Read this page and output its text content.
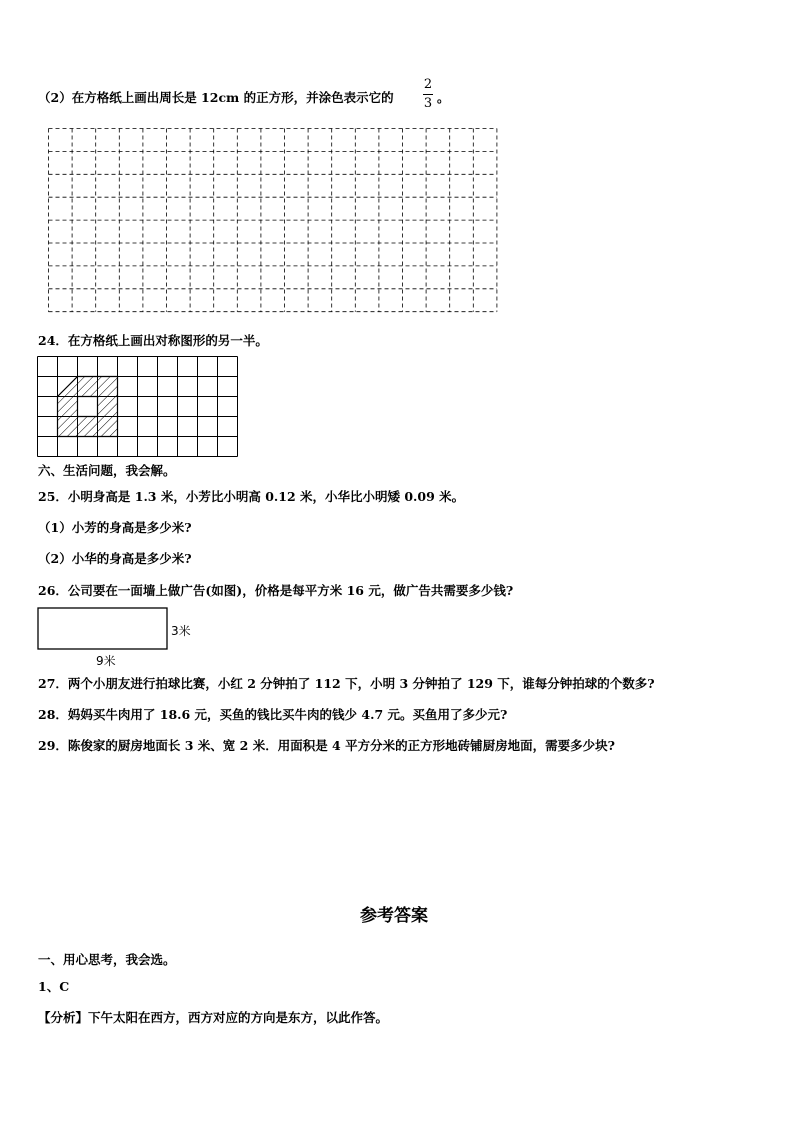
（2）在方格纸上画出周长是 12cm 的正方形，并涂色表示它的
2
3 。
24．在方格纸上画出对称图形的另一半。
六、生活问题，我会解。
25．小明身高是 1.3 米，小芳比小明高 0.12 米，小华比小明矮 0.09 米。
（1）小芳的身高是多少米?
（2）小华的身高是多少米?
26．公司要在一面墙上做广告(如图)，价格是每平方米 16 元，做广告共需要多少钱?
3米
9米
27．两个小朋友进行拍球比赛，小红 2 分钟拍了 112 下，小明 3 分钟拍了 129 下，谁每分钟拍球的个数多?
28．妈妈买牛肉用了 18.6 元，买鱼的钱比买牛肉的钱少 4.7 元。买鱼用了多少元?
29．陈俊家的厨房地面长 3 米、宽 2 米．用面积是 4 平方分米的正方形地砖铺厨房地面，需要多少块?
参考答案
一、用心思考，我会选。
1、C
【分析】下午太阳在西方，西方对应的方向是东方，以此作答。
